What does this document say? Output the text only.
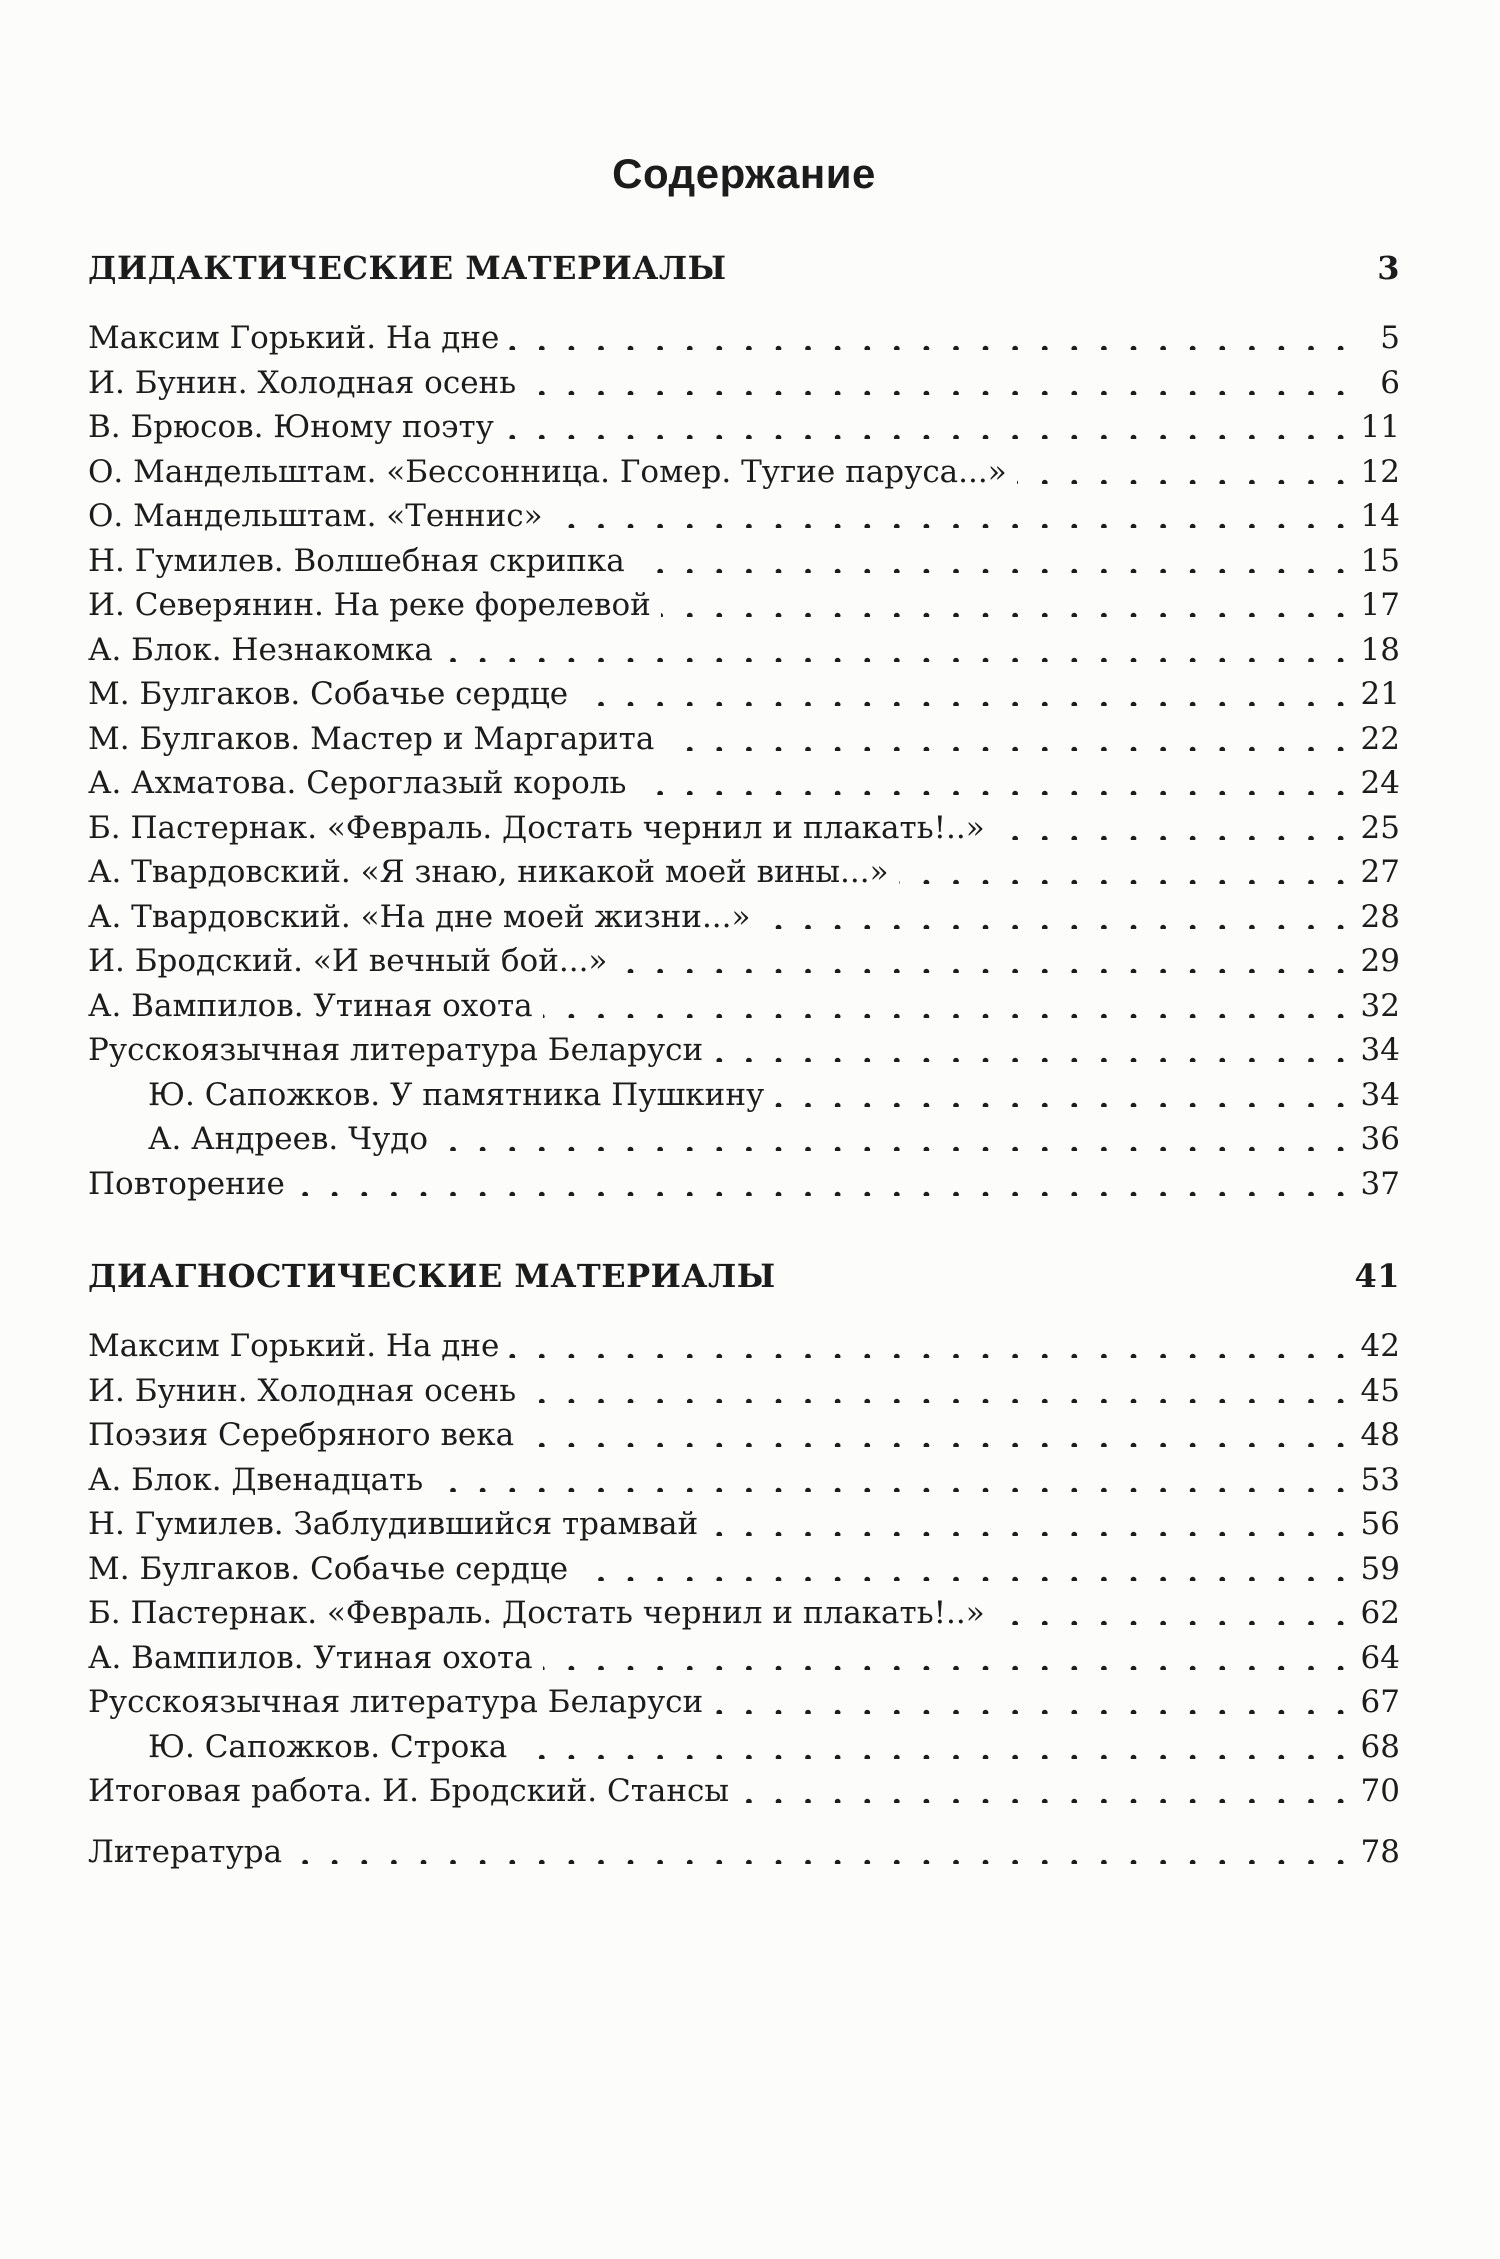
Содержание
ДИДАКТИЧЕСКИЕ МАТЕРИАЛЫ . . .	3
Максим Горький. На дне . . .	5
И. Бунин. Холодная осень . . .	6
В. Брюсов. Юному поэту . . .	11
О. Мандельштам. «Бессонница. Гомер. Тугие паруса...» . . .	12
О. Мандельштам. «Теннис» . . .	14
Н. Гумилев. Волшебная скрипка . . .	15
И. Северянин. На реке форелевой . . .	17
А. Блок. Незнакомка . . .	18
М. Булгаков. Собачье сердце . . .	21
М. Булгаков. Мастер и Маргарита . . .	22
А. Ахматова. Сероглазый король . . .	24
Б. Пастернак. «Февраль. Достать чернил и плакать!..» . . .	25
А. Твардовский. «Я знаю, никакой моей вины...» . . .	27
А. Твардовский. «На дне моей жизни...» . . .	28
И. Бродский. «И вечный бой...» . . .	29
А. Вампилов. Утиная охота . . .	32
Русскоязычная литература Беларуси . . .	34
Ю. Сапожков. У памятника Пушкину . . .	34
А. Андреев. Чудо . . .	36
Повторение . . .	37
ДИАГНОСТИЧЕСКИЕ МАТЕРИАЛЫ . . .	41
Максим Горький. На дне . . .	42
И. Бунин. Холодная осень . . .	45
Поэзия Серебряного века . . .	48
А. Блок. Двенадцать . . .	53
Н. Гумилев. Заблудившийся трамвай . . .	56
М. Булгаков. Собачье сердце . . .	59
Б. Пастернак. «Февраль. Достать чернил и плакать!..» . . .	62
А. Вампилов. Утиная охота . . .	64
Русскоязычная литература Беларуси . . .	67
Ю. Сапожков. Строка . . .	68
Итоговая работа. И. Бродский. Стансы . . .	70
Литература . . .	78
